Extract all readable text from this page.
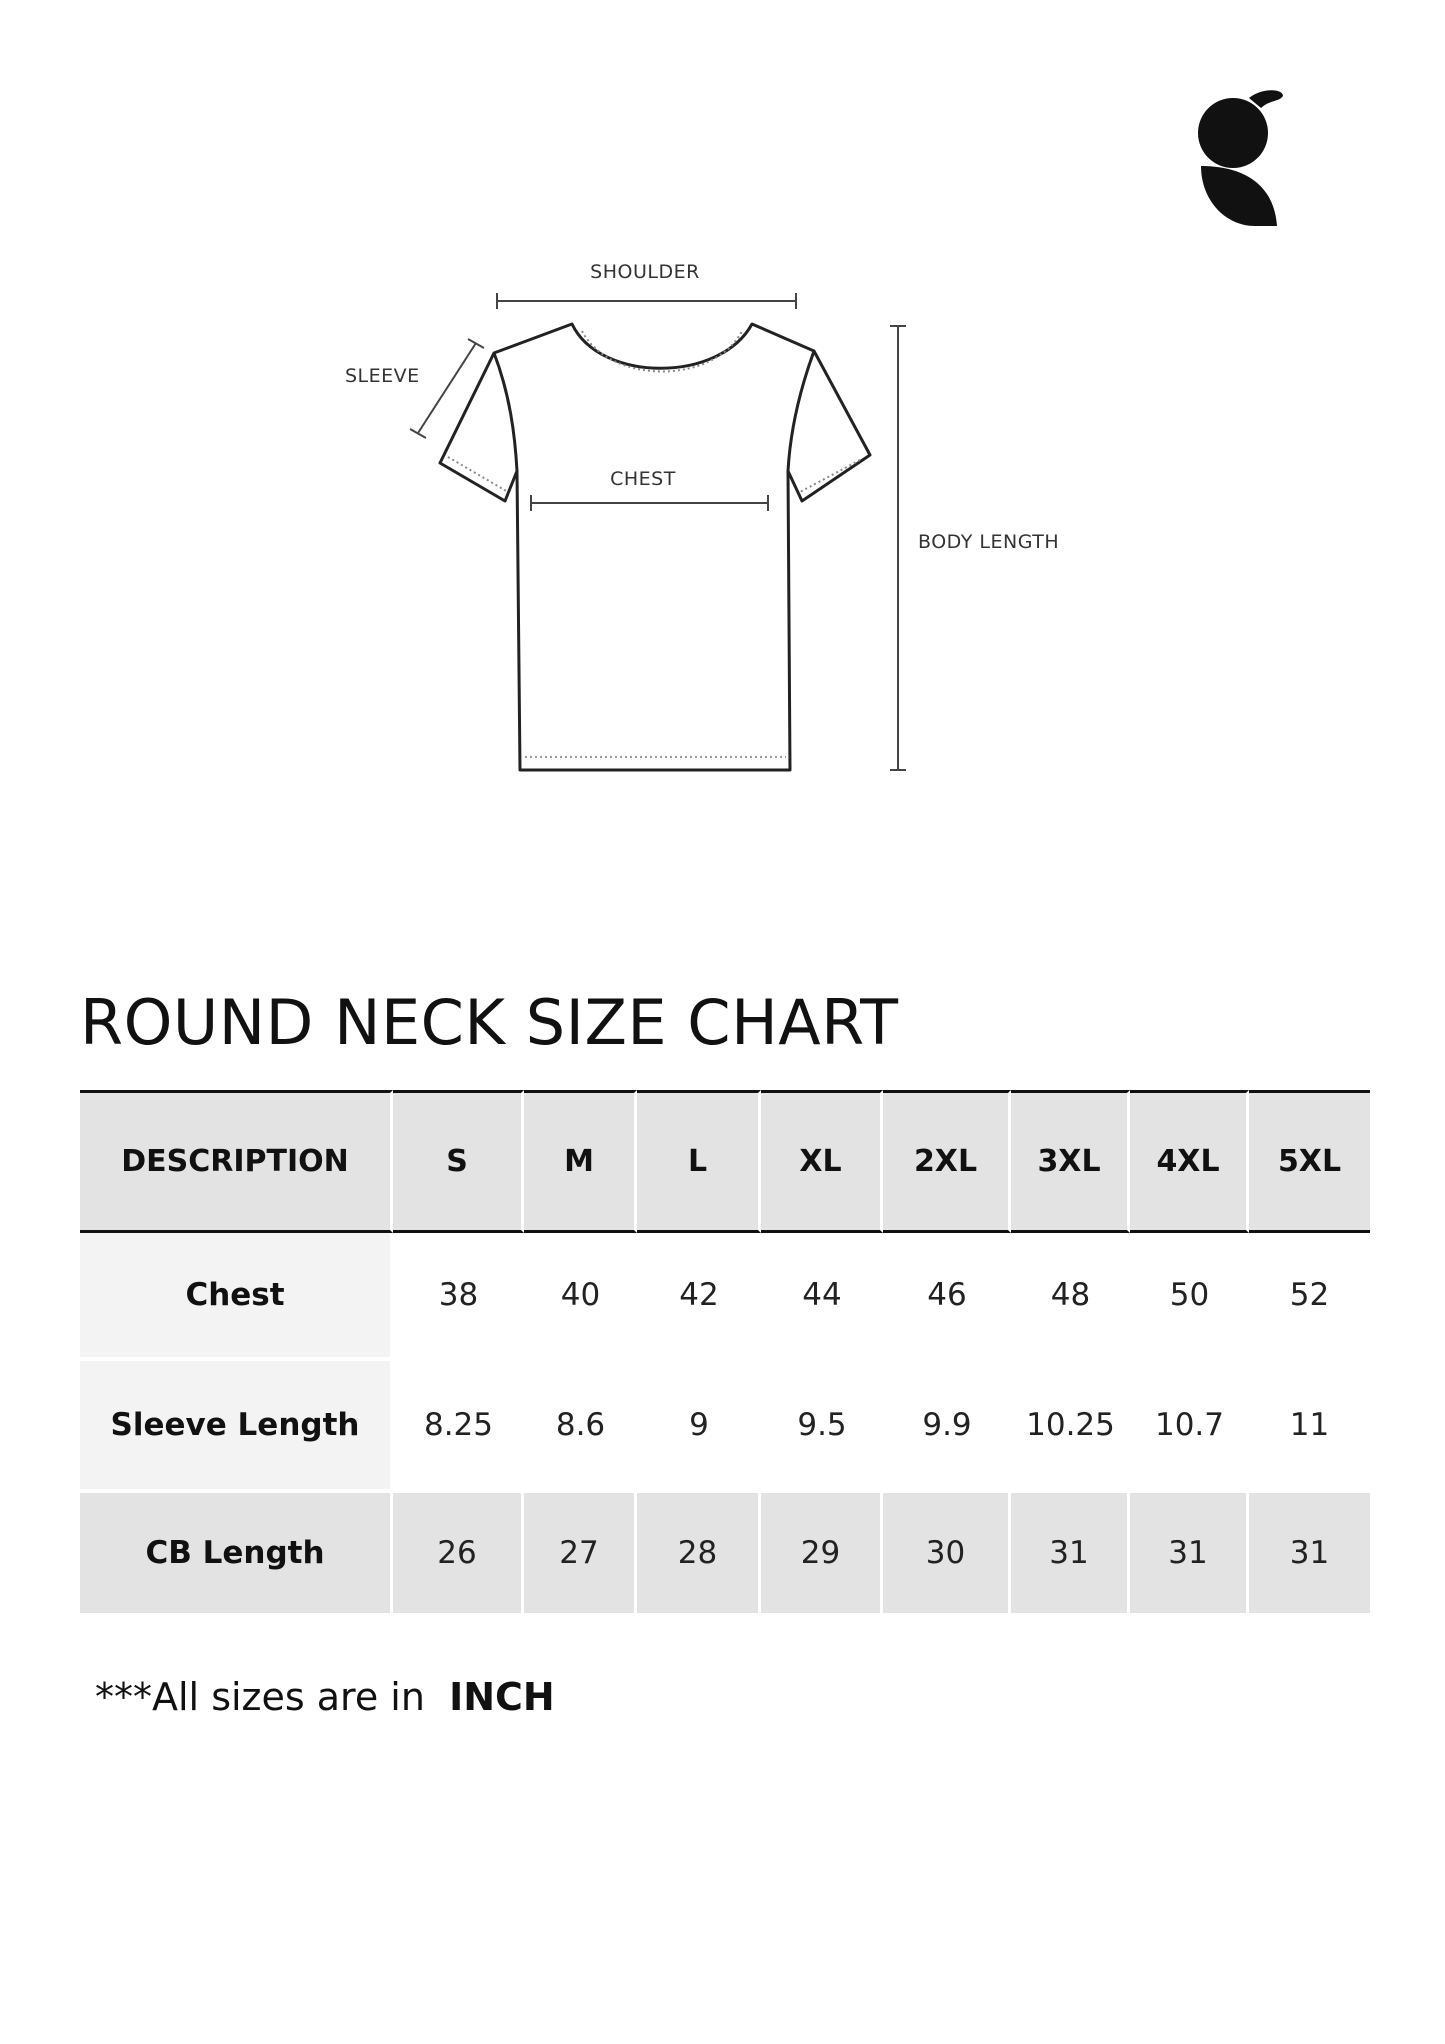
SHOULDER
SLEEVE
CHEST
BODY LENGTH
ROUND NECK SIZE CHART
DESCRIPTION	S	M	L	XL	2XL	3XL	4XL	5XL
Chest	38	40	42	44	46	48	50	52
Sleeve Length	8.25	8.6	9	9.5	9.9	10.25	10.7	11
CB Length	26	27	28	29	30	31	31	31

***All sizes are in INCH
